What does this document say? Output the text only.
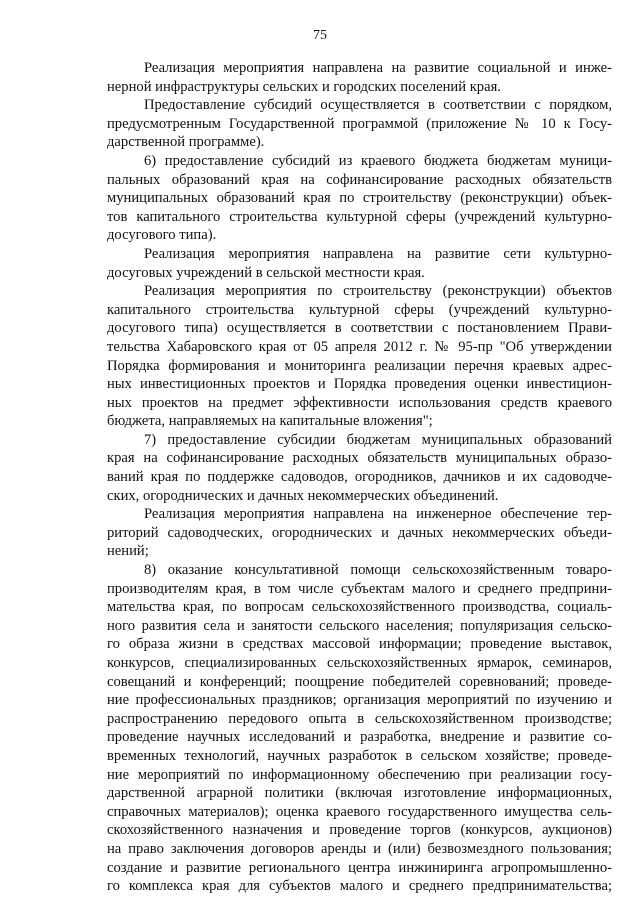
75
Реализация мероприятия направлена на развитие социальной и инже-
нерной инфраструктуры сельских и городских поселений края.
Предоставление субсидий осуществляется в соответствии с порядком,
предусмотренным Государственной программой (приложение № 10 к Госу-
дарственной программе).
6) предоставление субсидий из краевого бюджета бюджетам муници-
пальных образований края на софинансирование расходных обязательств
муниципальных образований края по строительству (реконструкции) объек-
тов капитального строительства культурной сферы (учреждений культурно-
досугового типа).
Реализация мероприятия направлена на развитие сети культурно-
досуговых учреждений в сельской местности края.
Реализация мероприятия по строительству (реконструкции) объектов
капитального строительства культурной сферы (учреждений культурно-
досугового типа) осуществляется в соответствии с постановлением Прави-
тельства Хабаровского края от 05 апреля 2012 г. № 95-пр "Об утверждении
Порядка формирования и мониторинга реализации перечня краевых адрес-
ных инвестиционных проектов и Порядка проведения оценки инвестицион-
ных проектов на предмет эффективности использования средств краевого
бюджета, направляемых на капитальные вложения";
7) предоставление субсидии бюджетам муниципальных образований
края на софинансирование расходных обязательств муниципальных образо-
ваний края по поддержке садоводов, огородников, дачников и их садоводче-
ских, огороднических и дачных некоммерческих объединений.
Реализация мероприятия направлена на инженерное обеспечение тер-
риторий садоводческих, огороднических и дачных некоммерческих объеди-
нений;
8) оказание консультативной помощи сельскохозяйственным товаро-
производителям края, в том числе субъектам малого и среднего предприни-
мательства края, по вопросам сельскохозяйственного производства, социаль-
ного развития села и занятости сельского населения; популяризация сельско-
го образа жизни в средствах массовой информации; проведение выставок,
конкурсов, специализированных сельскохозяйственных ярмарок, семинаров,
совещаний и конференций; поощрение победителей соревнований; проведе-
ние профессиональных праздников; организация мероприятий по изучению и
распространению передового опыта в сельскохозяйственном производстве;
проведение научных исследований и разработка, внедрение и развитие со-
временных технологий, научных разработок в сельском хозяйстве; проведе-
ние мероприятий по информационному обеспечению при реализации госу-
дарственной аграрной политики (включая изготовление информационных,
справочных материалов); оценка краевого государственного имущества сель-
скохозяйственного назначения и проведение торгов (конкурсов, аукционов)
на право заключения договоров аренды и (или) безвозмездного пользования;
создание и развитие регионального центра инжиниринга агропромышленно-
го комплекса края для субъектов малого и среднего предпринимательства;
